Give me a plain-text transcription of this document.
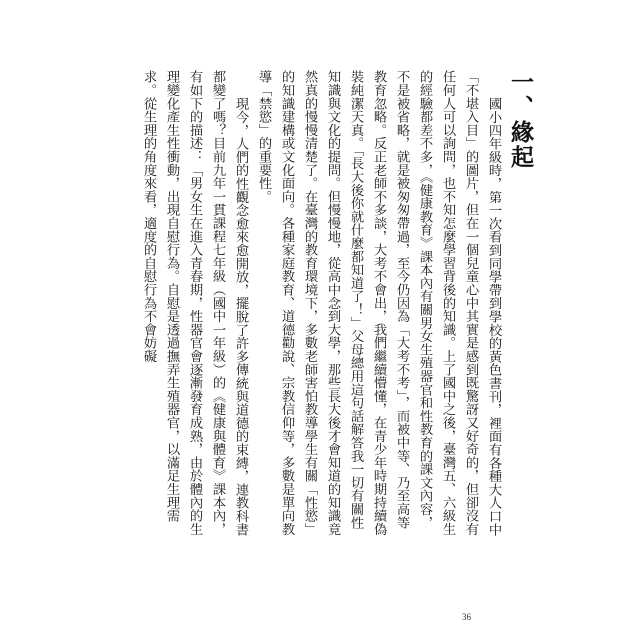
一、緣起

國小四年級時，第一次看到同學帶到學校的黃色書刊，裡面有各種大人口中「不堪入目」的圖片，但在一個兒童心中其實是感到既驚訝又好奇的，但卻沒有任何人可以詢問，也不知怎麼學習背後的知識。上了國中之後，臺灣五、六級生的經驗都差不多，《健康教育》課本內有關男女生殖器官和性教育的課文內容，不是被省略，就是被匆匆帶過，至今仍因為「大考不考」，而被中等、乃至高等教育忽略。反正老師不多談，大考不會出，我們繼續懵懂，在青少年時期持續偽裝純潔天真。「長大後你就什麼都知道了！」父母總用這句話解答我一切有關性知識與文化的提問。但慢慢地，從高中念到大學，那些長大後才會知道的知識竟然真的慢慢清楚了。在臺灣的教育環境下，多數老師害怕教導學生有關「性慾」的知識建構或文化面向。各種家庭教育、道德勸說、宗教信仰等，多數是單向教導「禁慾」的重要性。

現今，人們的性觀念愈來愈開放，擺脫了許多傳統與道德的束縛，連教科書都變了嗎？目前九年一貫課程七年級（國中一年級）的《健康與體育》課本內，有如下的描述：「男女生在進入青春期，性器官會逐漸發育成熟，由於體內的生理變化產生性衝動，出現自慰行為。自慰是透過撫弄生殖器官，以滿足生理需求。從生理的角度來看，適度的自慰行為不會妨礙

36
